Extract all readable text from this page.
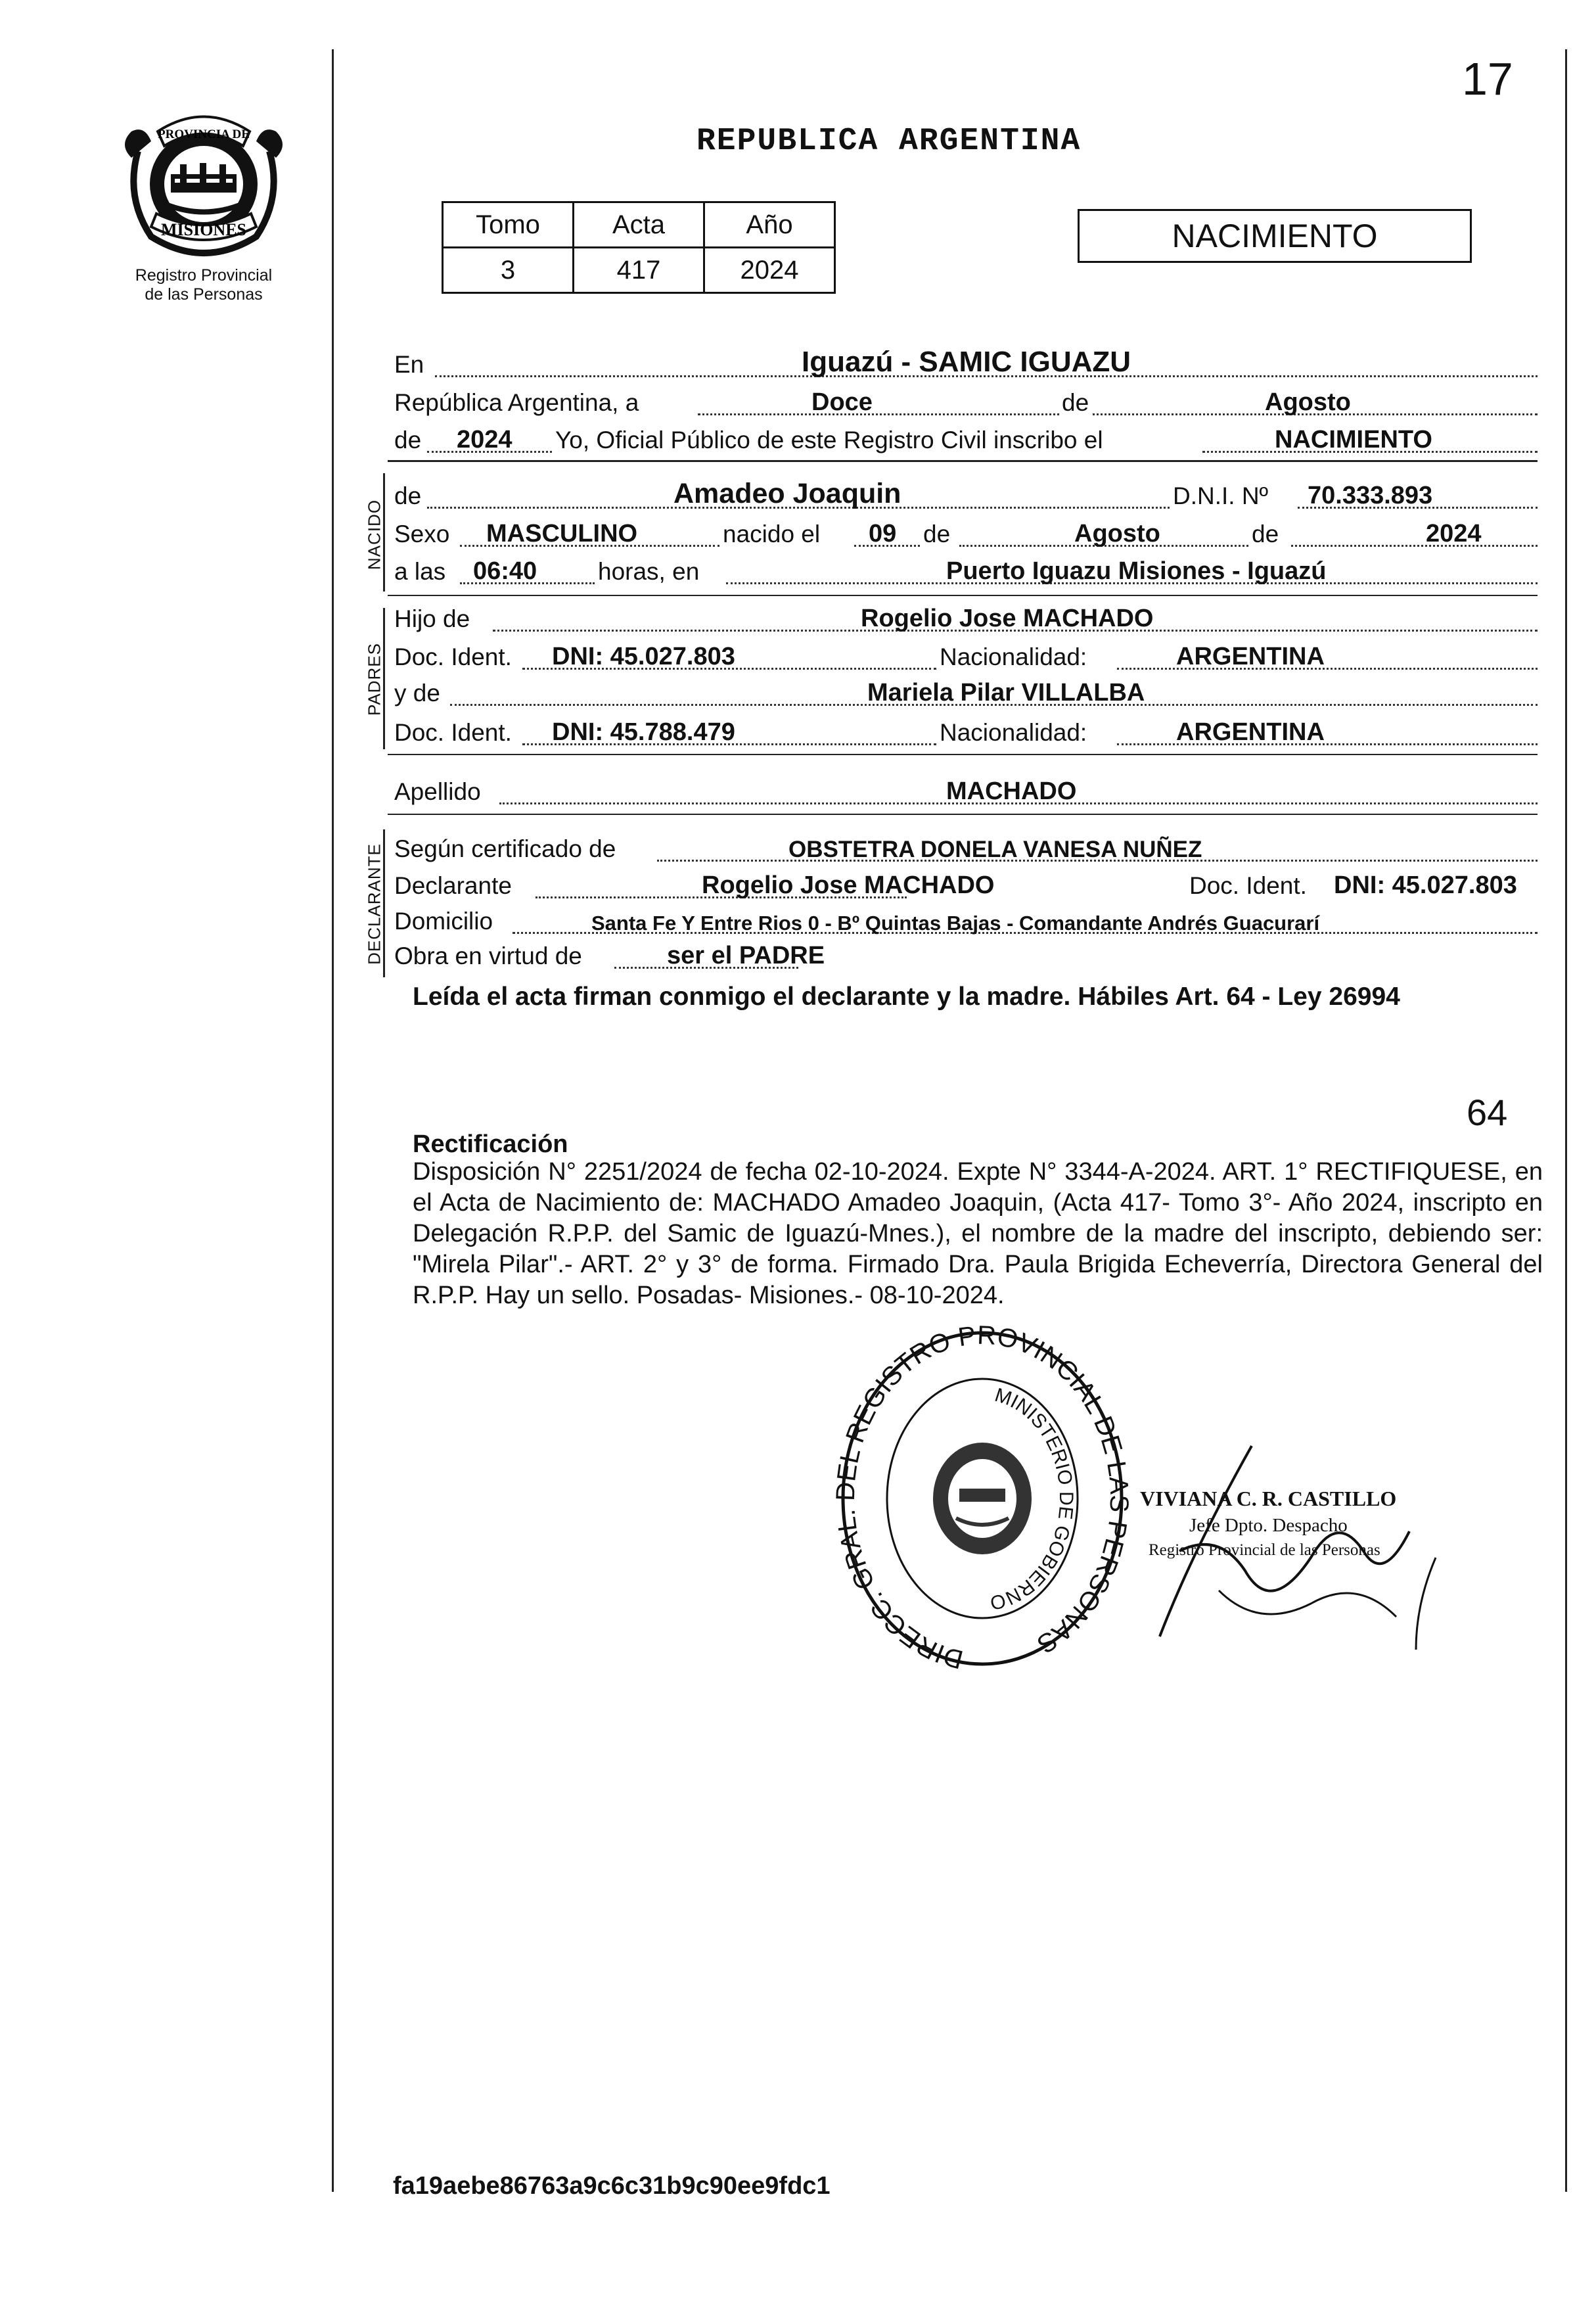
PROVINCIA DE
MISIONES
Registro Provincial
de las Personas
17
REPUBLICA ARGENTINA
Tomo	Acta	Año
3	417	2024
NACIMIENTO
En	Iguazú - SAMIC IGUAZU
República Argentina, a	Doce	de	Agosto
de 2024 Yo, Oficial Público de este Registro Civil inscribo el	NACIMIENTO
NACIDO
de	Amadeo Joaquin	D.N.I. Nº 70.333.893
Sexo MASCULINO	nacido el 09 de	Agosto	de	2024
a las 06:40	horas, en	Puerto Iguazu Misiones - Iguazú
PADRES
Hijo de	Rogelio Jose MACHADO
Doc. Ident. DNI: 45.027.803	Nacionalidad:	ARGENTINA
y de	Mariela Pilar VILLALBA
Doc. Ident. DNI: 45.788.479	Nacionalidad:	ARGENTINA
Apellido	MACHADO
DECLARANTE Según certificado de	OBSTETRA DONELA VANESA NUÑEZ
Declarante	Rogelio Jose MACHADO	Doc. Ident. DNI: 45.027.803
Domicilio	Santa Fe Y Entre Rios 0 - Bº Quintas Bajas - Comandante Andrés Guacurarí
Obra en virtud de	ser el PADRE
Leída el acta firman conmigo el declarante y la madre. Hábiles Art. 64 - Ley 26994
64
Rectificación
Disposición N° 2251/2024 de fecha 02-10-2024. Expte N° 3344-A-2024. ART. 1° RECTIFIQUESE, en el Acta de Nacimiento de: MACHADO Amadeo Joaquin, (Acta 417- Tomo 3°- Año 2024, inscripto en Delegación R.P.P. del Samic de Iguazú-Mnes.), el nombre de la madre del inscripto, debiendo ser: "Mirela Pilar".- ART. 2° y 3° de forma. Firmado Dra. Paula Brigida Echeverría, Directora General del R.P.P. Hay un sello. Posadas- Misiones.- 08-10-2024.
DIRECC. GRAL. DEL REGISTRO PROVINCIAL DE LAS PERSONAS
MINISTERIO DE GOBIERNO
VIVIANA C. R. CASTILLO
Jefe Dpto. Despacho
Registro Provincial de las Personas
fa19aebe86763a9c6c31b9c90ee9fdc1
